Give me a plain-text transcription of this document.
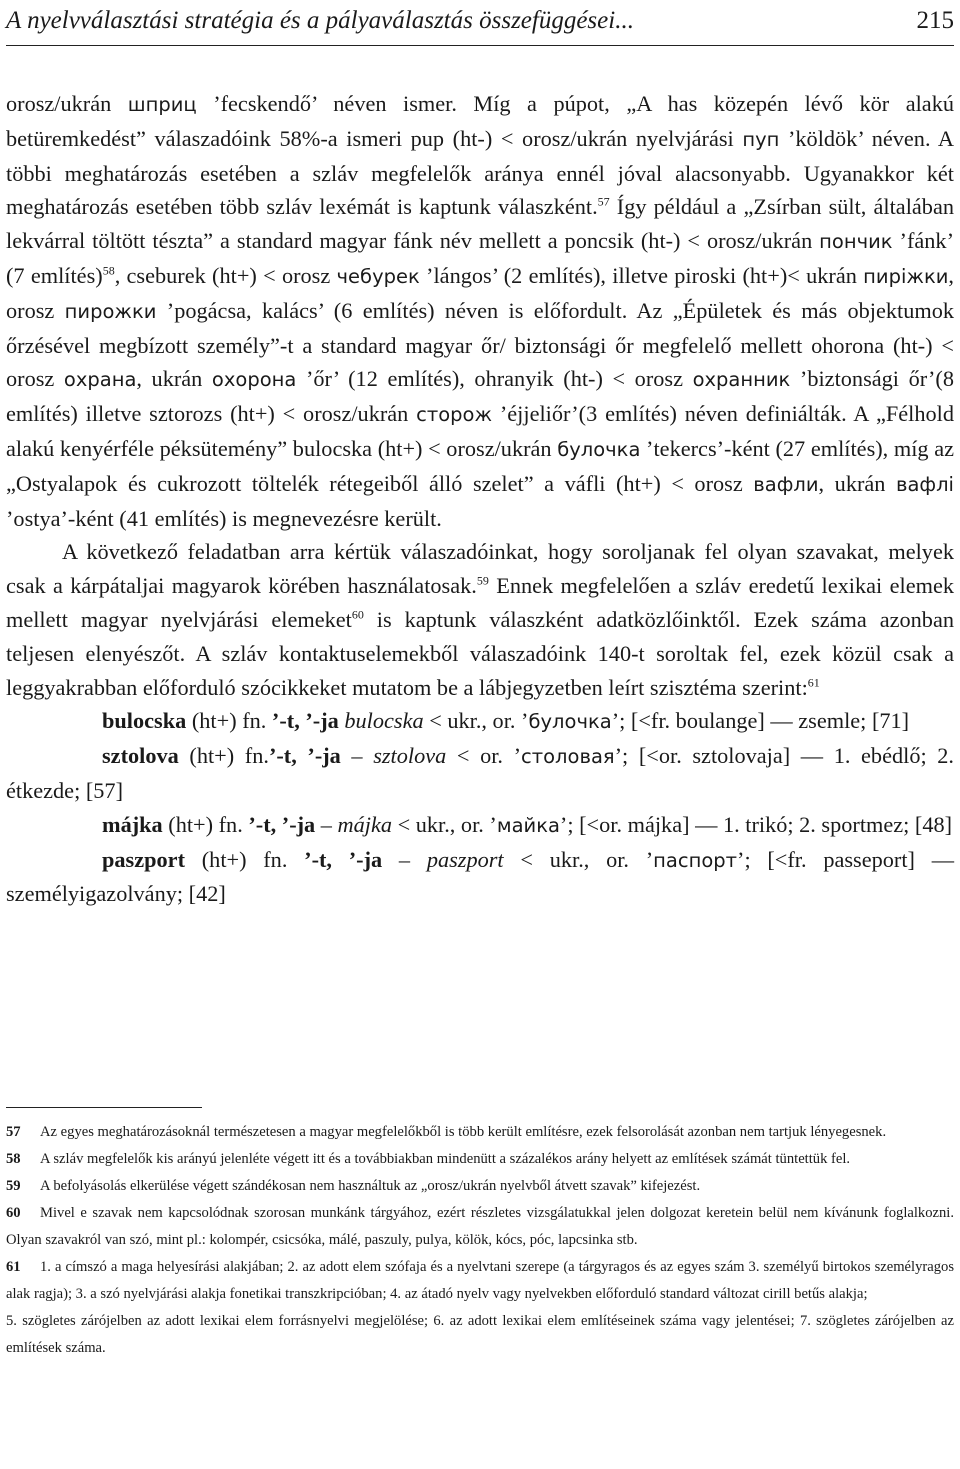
A nyelvválasztási stratégia és a pályaválasztás összefüggései...	215

orosz/ukrán шприц ’fecskendő’ néven ismer. Míg a púpot, „A has közepén lévő kör alakú betüremkedést” válaszadóink 58%-a ismeri pup (ht-) < orosz/ukrán nyelvjárási пуп ’köldök’ néven. A többi meghatározás esetében a szláv megfelelők aránya ennél jóval alacsonyabb. Ugyanakkor két meghatározás esetében több szláv lexémát is kaptunk válaszként.$^{57}$ Így például a „Zsírban sült, általában lekvárral töltött tészta” a standard magyar fánk név mellett a poncsik (ht-) < orosz/ukrán пончик ’fánk’ (7 említés)$^{58}$, cseburek (ht+) < orosz чебурек ’lángos’ (2 említés), illetve piroski (ht+)< ukrán пиріжки, orosz пирожки ’pogácsa, kalács’ (6 említés) néven is előfordult. Az „Épületek és más objektumok őrzésével megbízott személy”-t a standard magyar őr/ biztonsági őr megfelelő mellett ohorona (ht-) < orosz охрана, ukrán охорона ’őr’ (12 említés), ohranyik (ht-) < orosz охранник ’biztonsági őr’(8 említés) illetve sztorozs (ht+) < orosz/ukrán сторож ’éjjeliőr’(3 említés) néven definiálták. A „Félhold alakú kenyérféle péksütemény” bulocska (ht+) < orosz/ukrán булочка ’tekercs’-ként (27 említés), míg az „Ostyalapok és cukrozott töltelék rétegeiből álló szelet” a váfli (ht+) < orosz вафли, ukrán вафлі ’ostya’-ként (41 említés) is megnevezésre került.

A következő feladatban arra kértük válaszadóinkat, hogy soroljanak fel olyan szavakat, melyek csak a kárpátaljai magyarok körében használatosak.$^{59}$ Ennek megfelelően a szláv eredetű lexikai elemek mellett magyar nyelvjárási elemeket$^{60}$ is kaptunk válaszként adatközlőinktől. Ezek száma azonban teljesen elenyészőt. A szláv kontaktuselemekből válaszadóink 140-t soroltak fel, ezek közül csak a leggyakrabban előforduló szócikkeket mutatom be a lábjegyzetben leírt szisztéma szerint:$^{61}$

bulocska (ht+) fn. ’-t, ’-ja bulocska < ukr., or. ’булочка’; [<fr. boulange] — zsemle; [71]

sztolova (ht+) fn.’-t, ’-ja – sztolova < or. ’столовая’; [<or. sztolovaja] — 1. ebédlő; 2. étkezde; [57]

májka (ht+) fn. ’-t, ’-ja – májka < ukr., or. ’майка’; [<or. májka] — 1. trikó; 2. sportmez; [48]

paszport (ht+) fn. ’-t, ’-ja – paszport < ukr., or. ’паспорт’; [<fr. passeport] — személyigazolvány; [42]

57 Az egyes meghatározásoknál természetesen a magyar megfelelőkből is több került említésre, ezek felsorolását azonban nem tartjuk lényegesnek.

58 A szláv megfelelők kis arányú jelenléte végett itt és a továbbiakban mindenütt a százalékos arány helyett az említések számát tüntettük fel.

59 A befolyásolás elkerülése végett szándékosan nem használtuk az „orosz/ukrán nyelvből átvett szavak” kifejezést.

60 Mivel e szavak nem kapcsolódnak szorosan munkánk tárgyához, ezért részletes vizsgálatukkal jelen dolgozat keretein belül nem kívánunk foglalkozni. Olyan szavakról van szó, mint pl.: kolompér, csicsóka, málé, paszuly, pulya, kölök, kócs, póc, lapcsinka stb.

61 1. a címszó a maga helyesírási alakjában; 2. az adott elem szófaja és a nyelvtani szerepe (a tárgyragos és az egyes szám 3. személyű birtokos személyragos alak ragja); 3. a szó nyelvjárási alakja fonetikai transzkripcióban; 4. az átadó nyelv vagy nyelvekben előforduló standard változat cirill betűs alakja;

5. szögletes zárójelben az adott lexikai elem forrásnyelvi megjelölése; 6. az adott lexikai elem említéseinek száma vagy jelentései; 7. szögletes zárójelben az említések száma.
